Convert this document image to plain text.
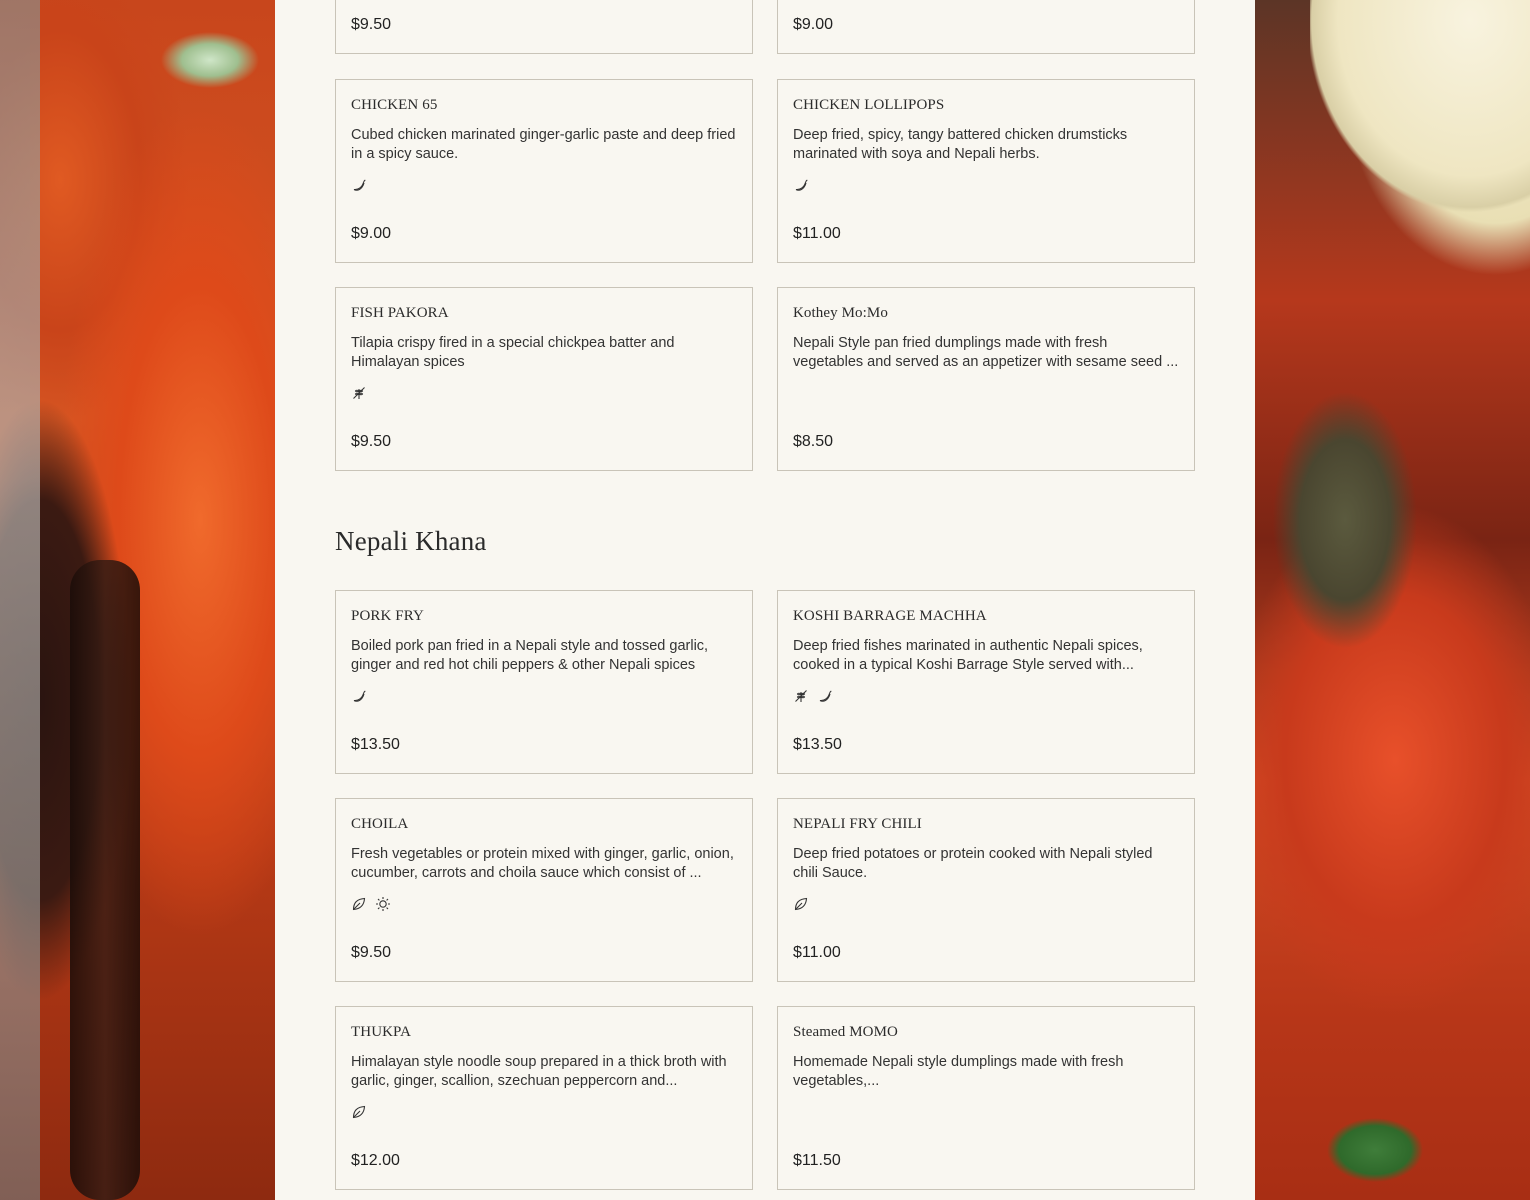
$9.50	$9.00
CHICKEN 65
Cubed chicken marinated ginger-garlic paste and deep fried in a spicy sauce.
$9.00
CHICKEN LOLLIPOPS
Deep fried, spicy, tangy battered chicken drumsticks marinated with soya and Nepali herbs.
$11.00
FISH PAKORA
Tilapia crispy fired in a special chickpea batter and Himalayan spices
$9.50
Kothey Mo:Mo
Nepali Style pan fried dumplings made with fresh vegetables and served as an appetizer with sesame seed ...
$8.50
Nepali Khana
PORK FRY
Boiled pork pan fried in a Nepali style and tossed garlic, ginger and red hot chili peppers & other Nepali spices
$13.50
KOSHI BARRAGE MACHHA
Deep fried fishes marinated in authentic Nepali spices, cooked in a typical Koshi Barrage Style served with...
$13.50
CHOILA
Fresh vegetables or protein mixed with ginger, garlic, onion, cucumber, carrots and choila sauce which consist of ...
$9.50
NEPALI FRY CHILI
Deep fried potatoes or protein cooked with Nepali styled chili Sauce.
$11.00
THUKPA
Himalayan style noodle soup prepared in a thick broth with garlic, ginger, scallion, szechuan peppercorn and...
$12.00
Steamed MOMO
Homemade Nepali style dumplings made with fresh vegetables,...
$11.50
